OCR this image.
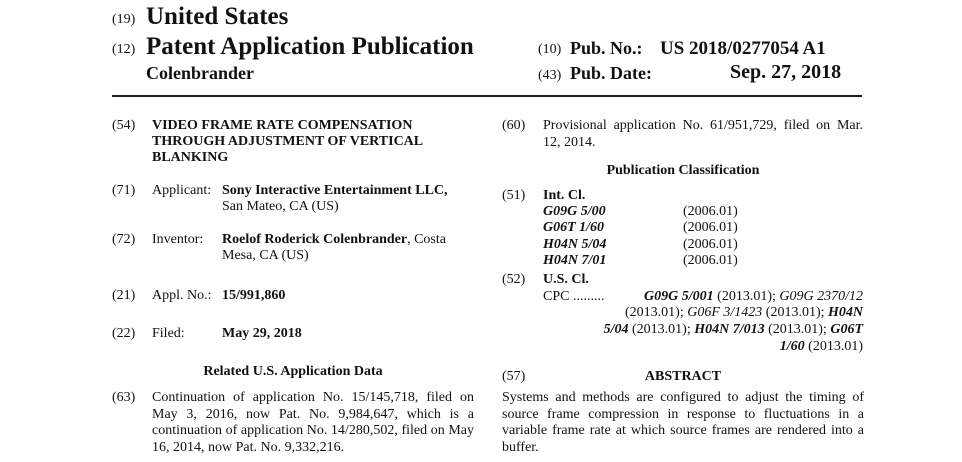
(19) United States
(12) Patent Application Publication
Colenbrander
(10) Pub. No.: US 2018/0277054 A1
(43) Pub. Date:	Sep. 27, 2018
(54) VIDEO FRAME RATE COMPENSATION
THROUGH ADJUSTMENT OF VERTICAL
BLANKING
(71) Applicant: Sony Interactive Entertainment LLC,
San Mateo, CA (US)
(72) Inventor: Roelof Roderick Colenbrander, Costa
Mesa, CA (US)
(21) Appl. No.: 15/991,860
(22) Filed:	May 29, 2018
Related U.S. Application Data
(63) Continuation of application No. 15/145,718, filed on May 3, 2016, now Pat. No. 9,984,647, which is a continuation of application No. 14/280,502, filed on May 16, 2014, now Pat. No. 9,332,216.
(60) Provisional application No. 61/951,729, filed on Mar. 12, 2014.
Publication Classification
(51) Int. Cl.
G09G 5/00	(2006.01)
G06T 1/60	(2006.01)
H04N 5/04	(2006.01)
H04N 7/01	(2006.01)
(52) U.S. Cl.
CPC .........	G09G 5/001 (2013.01); G09G 2370/12
(2013.01); G06F 3/1423 (2013.01); H04N
5/04 (2013.01); H04N 7/013 (2013.01); G06T
1/60 (2013.01)
(57)	ABSTRACT
Systems and methods are configured to adjust the timing of source frame compression in response to fluctuations in a variable frame rate at which source frames are rendered into a buffer.
